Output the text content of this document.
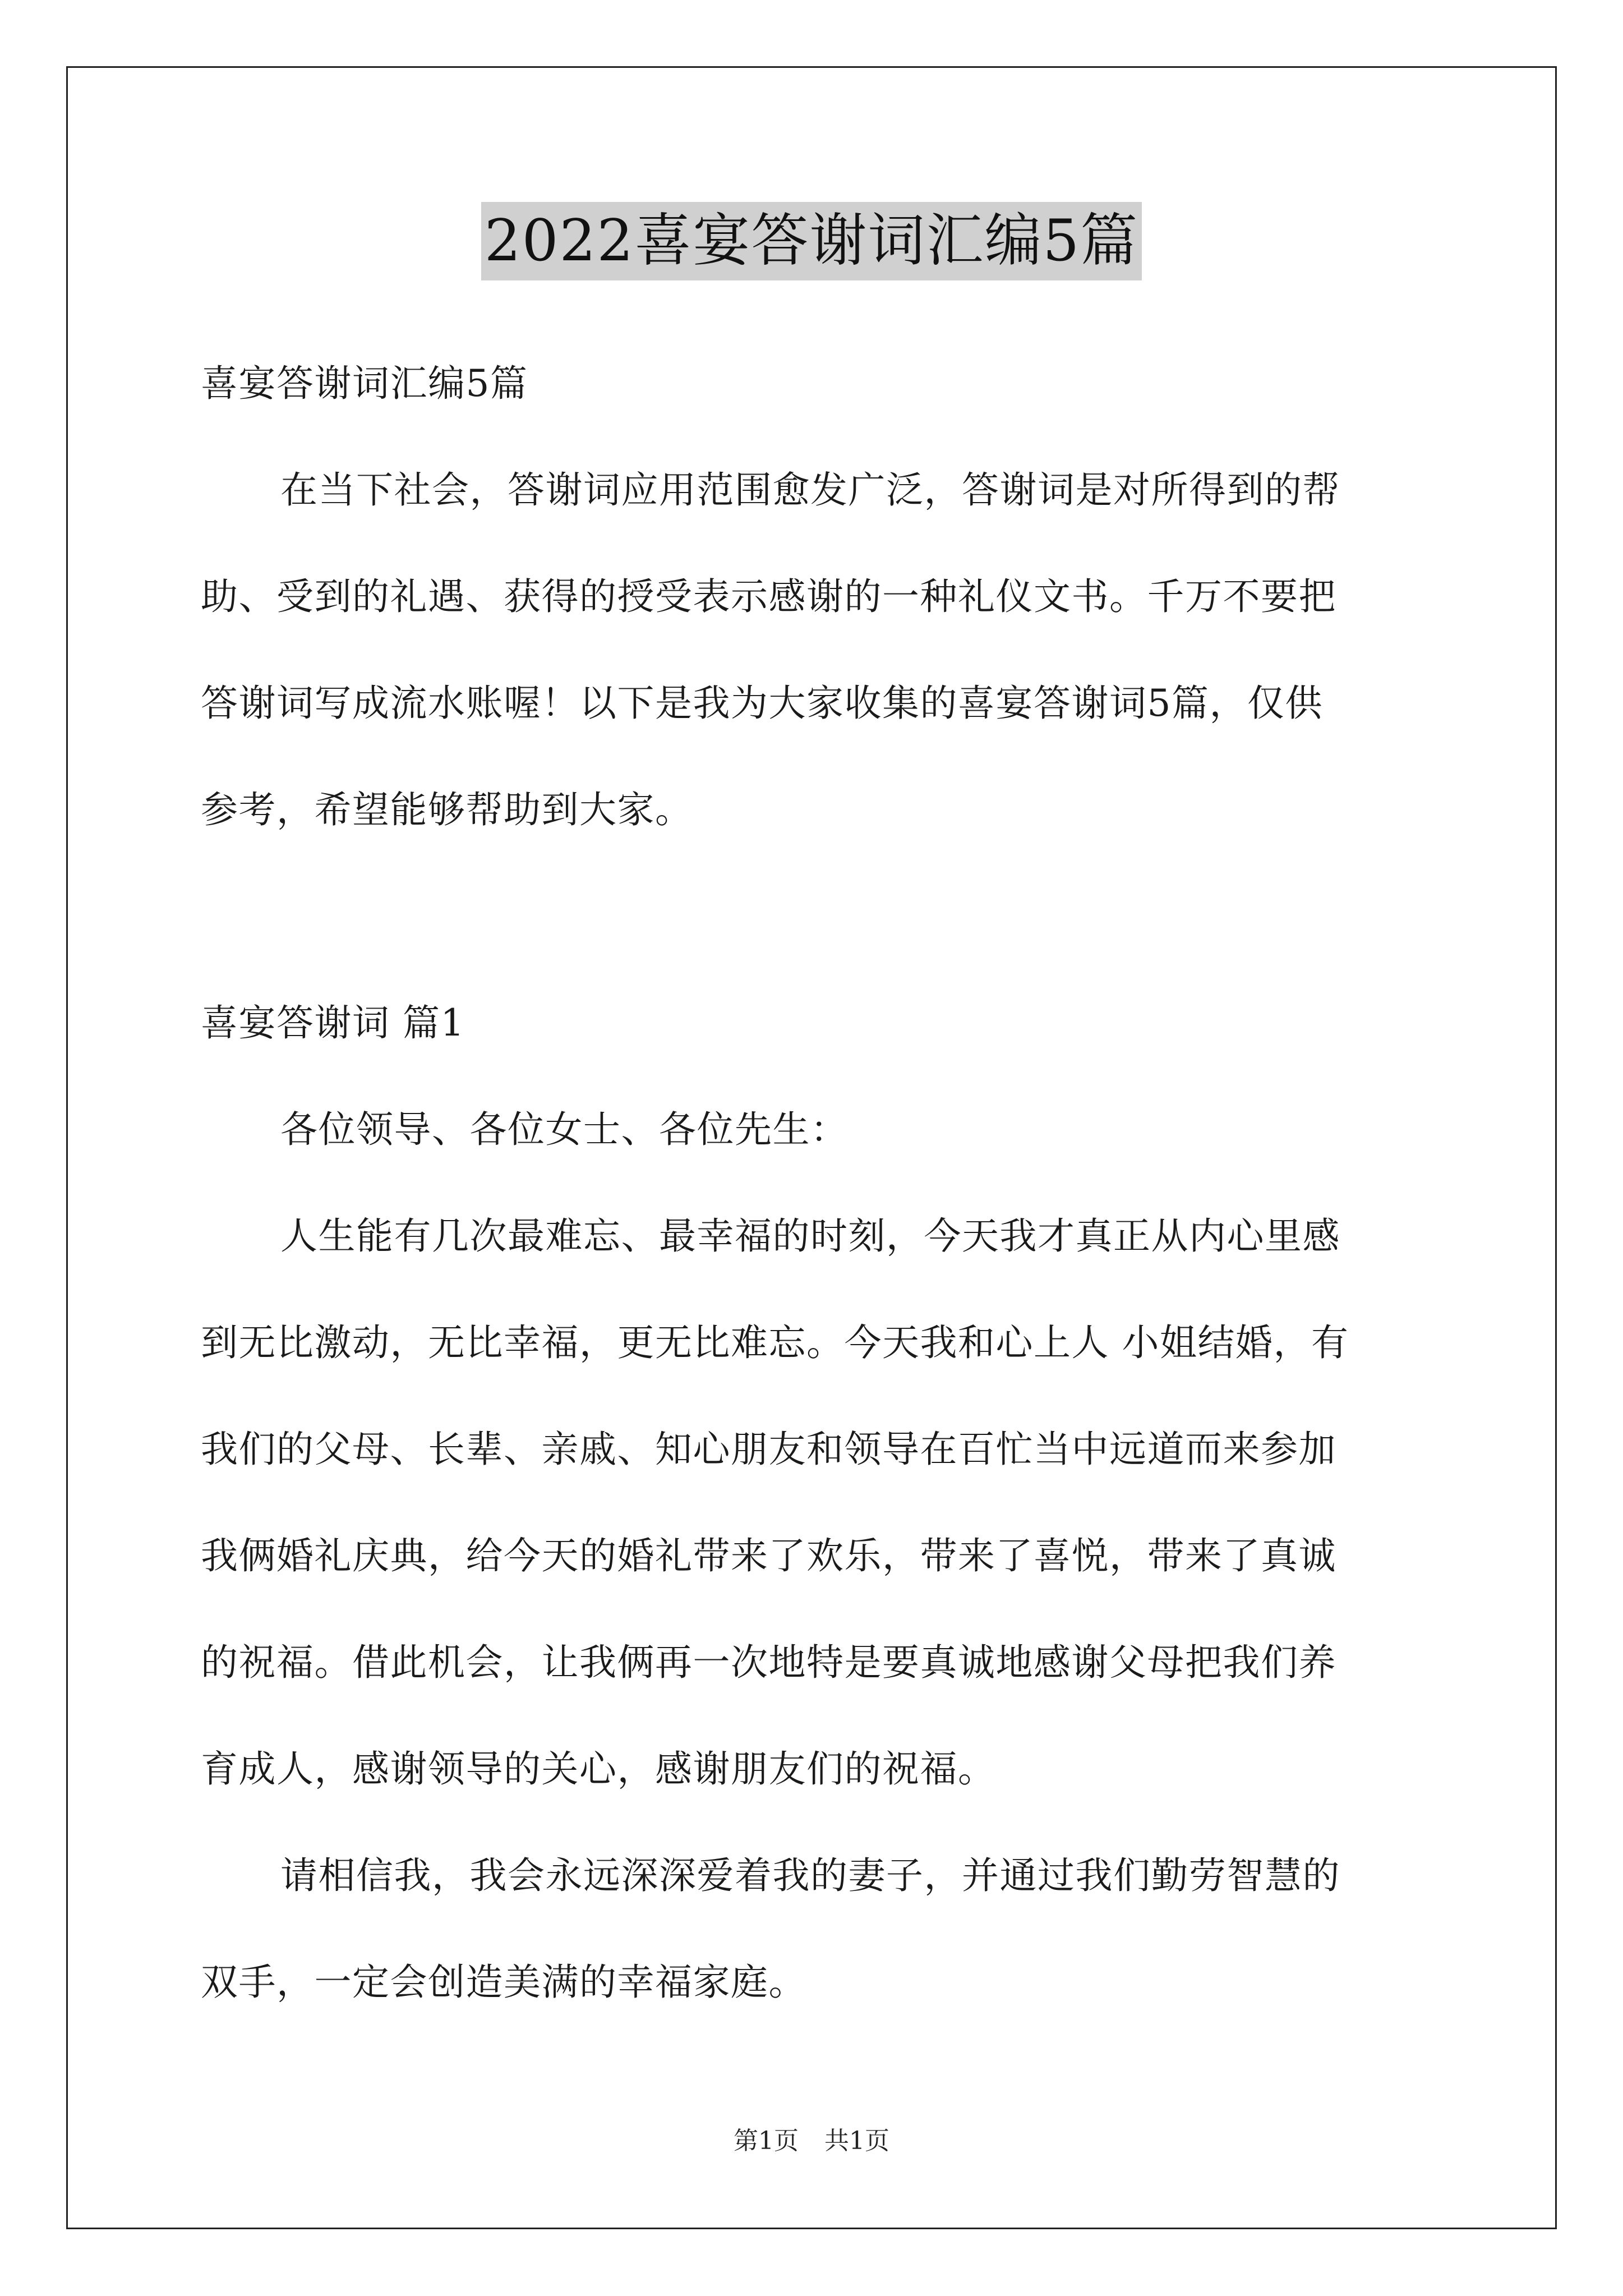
2022喜宴答谢词汇编5篇
喜宴答谢词汇编5篇
在当下社会，答谢词应用范围愈发广泛，答谢词是对所得到的帮
助、受到的礼遇、获得的授受表示感谢的一种礼仪文书。千万不要把
答谢词写成流水账喔！以下是我为大家收集的喜宴答谢词5篇，仅供
参考，希望能够帮助到大家。
喜宴答谢词 篇1
各位领导、各位女士、各位先生：
人生能有几次最难忘、最幸福的时刻，今天我才真正从内心里感
到无比激动，无比幸福，更无比难忘。今天我和心上人 小姐结婚，有
我们的父母、长辈、亲戚、知心朋友和领导在百忙当中远道而来参加
我俩婚礼庆典，给今天的婚礼带来了欢乐，带来了喜悦，带来了真诚
的祝福。借此机会，让我俩再一次地特是要真诚地感谢父母把我们养
育成人，感谢领导的关心，感谢朋友们的祝福。
请相信我，我会永远深深爱着我的妻子，并通过我们勤劳智慧的
双手，一定会创造美满的幸福家庭。
第1页 共1页
